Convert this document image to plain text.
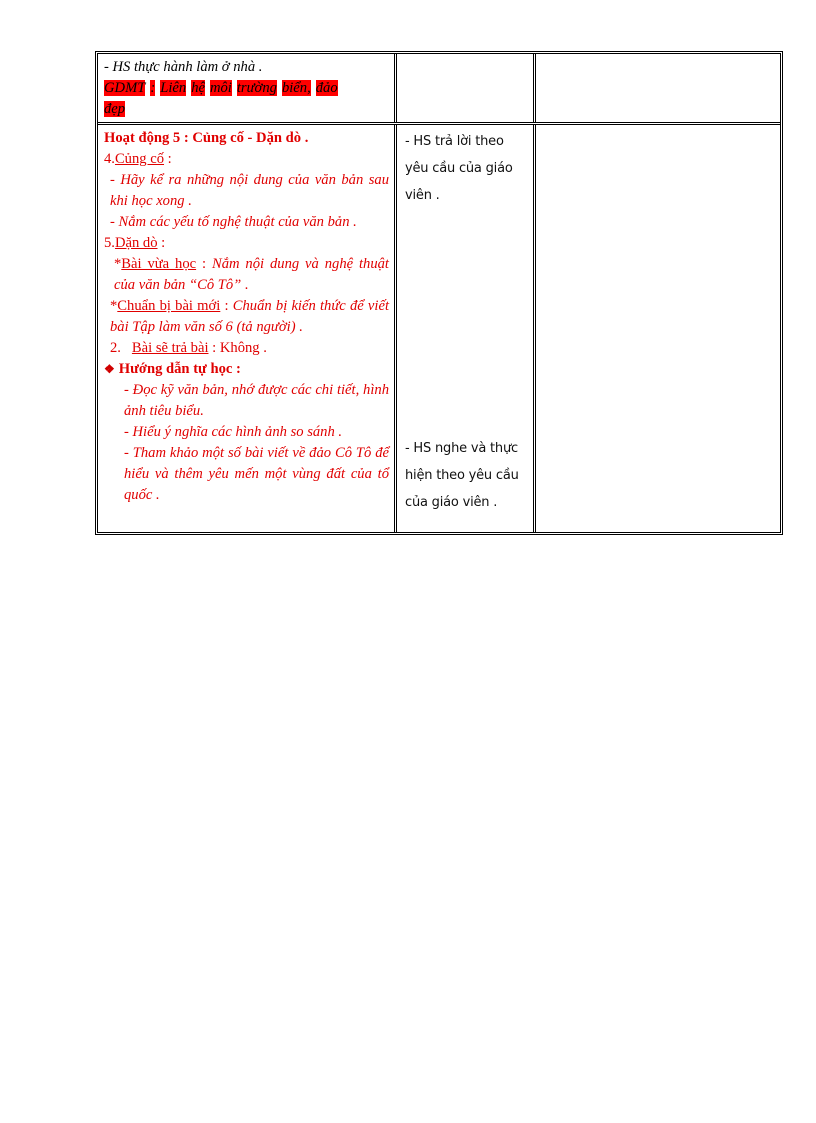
- HS thực hành làm ở nhà .

GDMT : Liên hệ môi trường biển, đảo

đẹp

Hoạt động 5 : Củng cố - Dặn dò .

4.Củng cố :

- Hãy kể ra những nội dung của văn bản sau khi học xong .

- Nắm các yếu tố nghệ thuật của văn bản .

5.Dặn dò :

*Bài vừa học : Nắm nội dung và nghệ thuật của văn bản “Cô Tô” .

*Chuẩn bị bài mới : Chuẩn bị kiến thức để viết bài Tập làm văn số 6 (tả người) .

2. Bài sẽ trả bài : Không .

❖ Hướng dẫn tự học :

- Đọc kỹ văn bản, nhớ được các chi tiết, hình ảnh tiêu biểu.

- Hiểu ý nghĩa các hình ảnh so sánh .

- Tham khảo một số bài viết về đảo Cô Tô để hiểu và thêm yêu mến một vùng đất của tổ quốc .

- HS trả lời theo

yêu cầu của giáo

viên .

- HS nghe và thực

hiện theo yêu cầu

của giáo viên .
